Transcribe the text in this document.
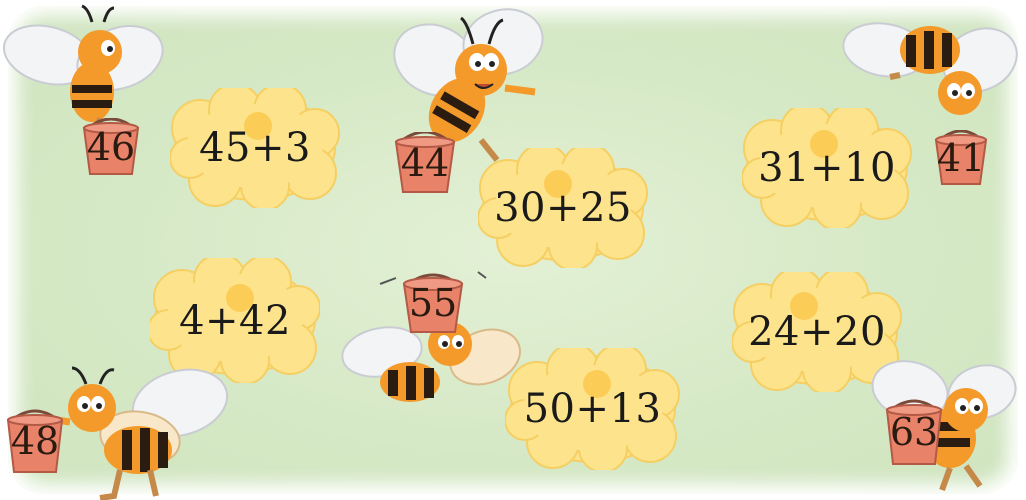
45+3
30+25
31+10
4+42	24+20
50+13
46	44	41
55
48	63
